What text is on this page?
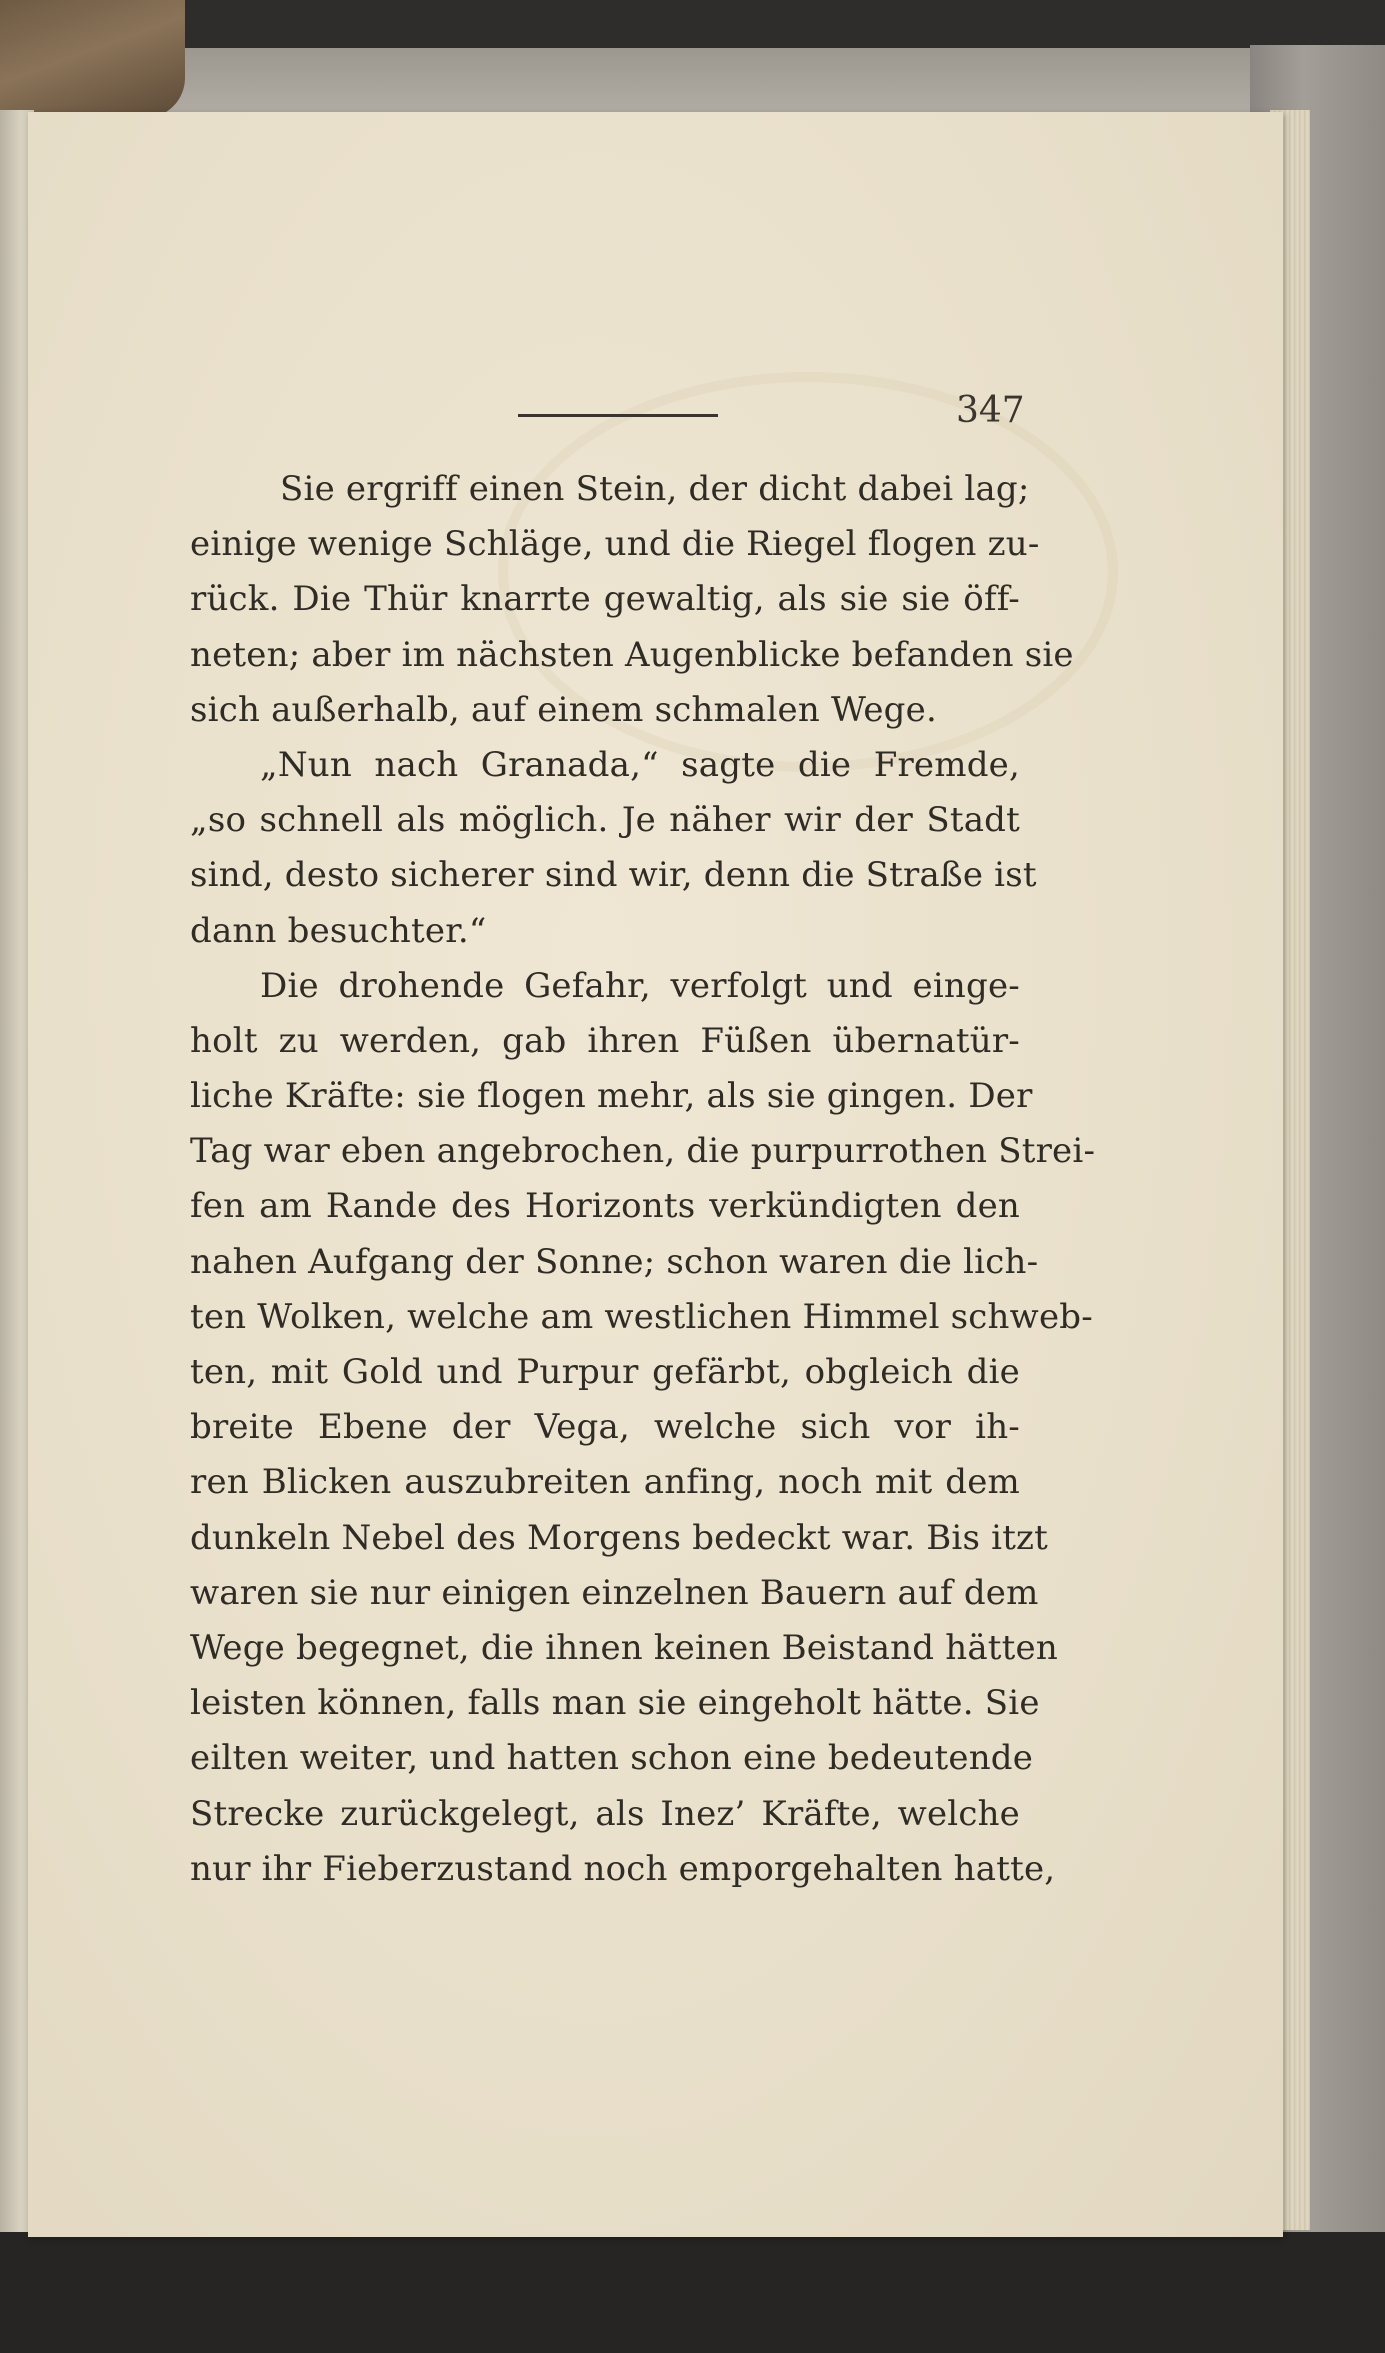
347
Sie ergriff einen Stein, der dicht dabei lag;
einige wenige Schläge, und die Riegel flogen zu-
rück. Die Thür knarrte gewaltig, als sie sie öff-
neten; aber im nächsten Augenblicke befanden sie
sich außerhalb, auf einem schmalen Wege.
„Nun nach Granada,“ sagte die Fremde,
„so schnell als möglich. Je näher wir der Stadt
sind, desto sicherer sind wir, denn die Straße ist
dann besuchter.“
Die drohende Gefahr, verfolgt und einge-
holt zu werden, gab ihren Füßen übernatür-
liche Kräfte: sie flogen mehr, als sie gingen. Der
Tag war eben angebrochen, die purpurrothen Strei-
fen am Rande des Horizonts verkündigten den
nahen Aufgang der Sonne; schon waren die lich-
ten Wolken, welche am westlichen Himmel schweb-
ten, mit Gold und Purpur gefärbt, obgleich die
breite Ebene der Vega, welche sich vor ih-
ren Blicken auszubreiten anfing, noch mit dem
dunkeln Nebel des Morgens bedeckt war. Bis itzt
waren sie nur einigen einzelnen Bauern auf dem
Wege begegnet, die ihnen keinen Beistand hätten
leisten können, falls man sie eingeholt hätte. Sie
eilten weiter, und hatten schon eine bedeutende
Strecke zurückgelegt, als Inez’ Kräfte, welche
nur ihr Fieberzustand noch emporgehalten hatte,
